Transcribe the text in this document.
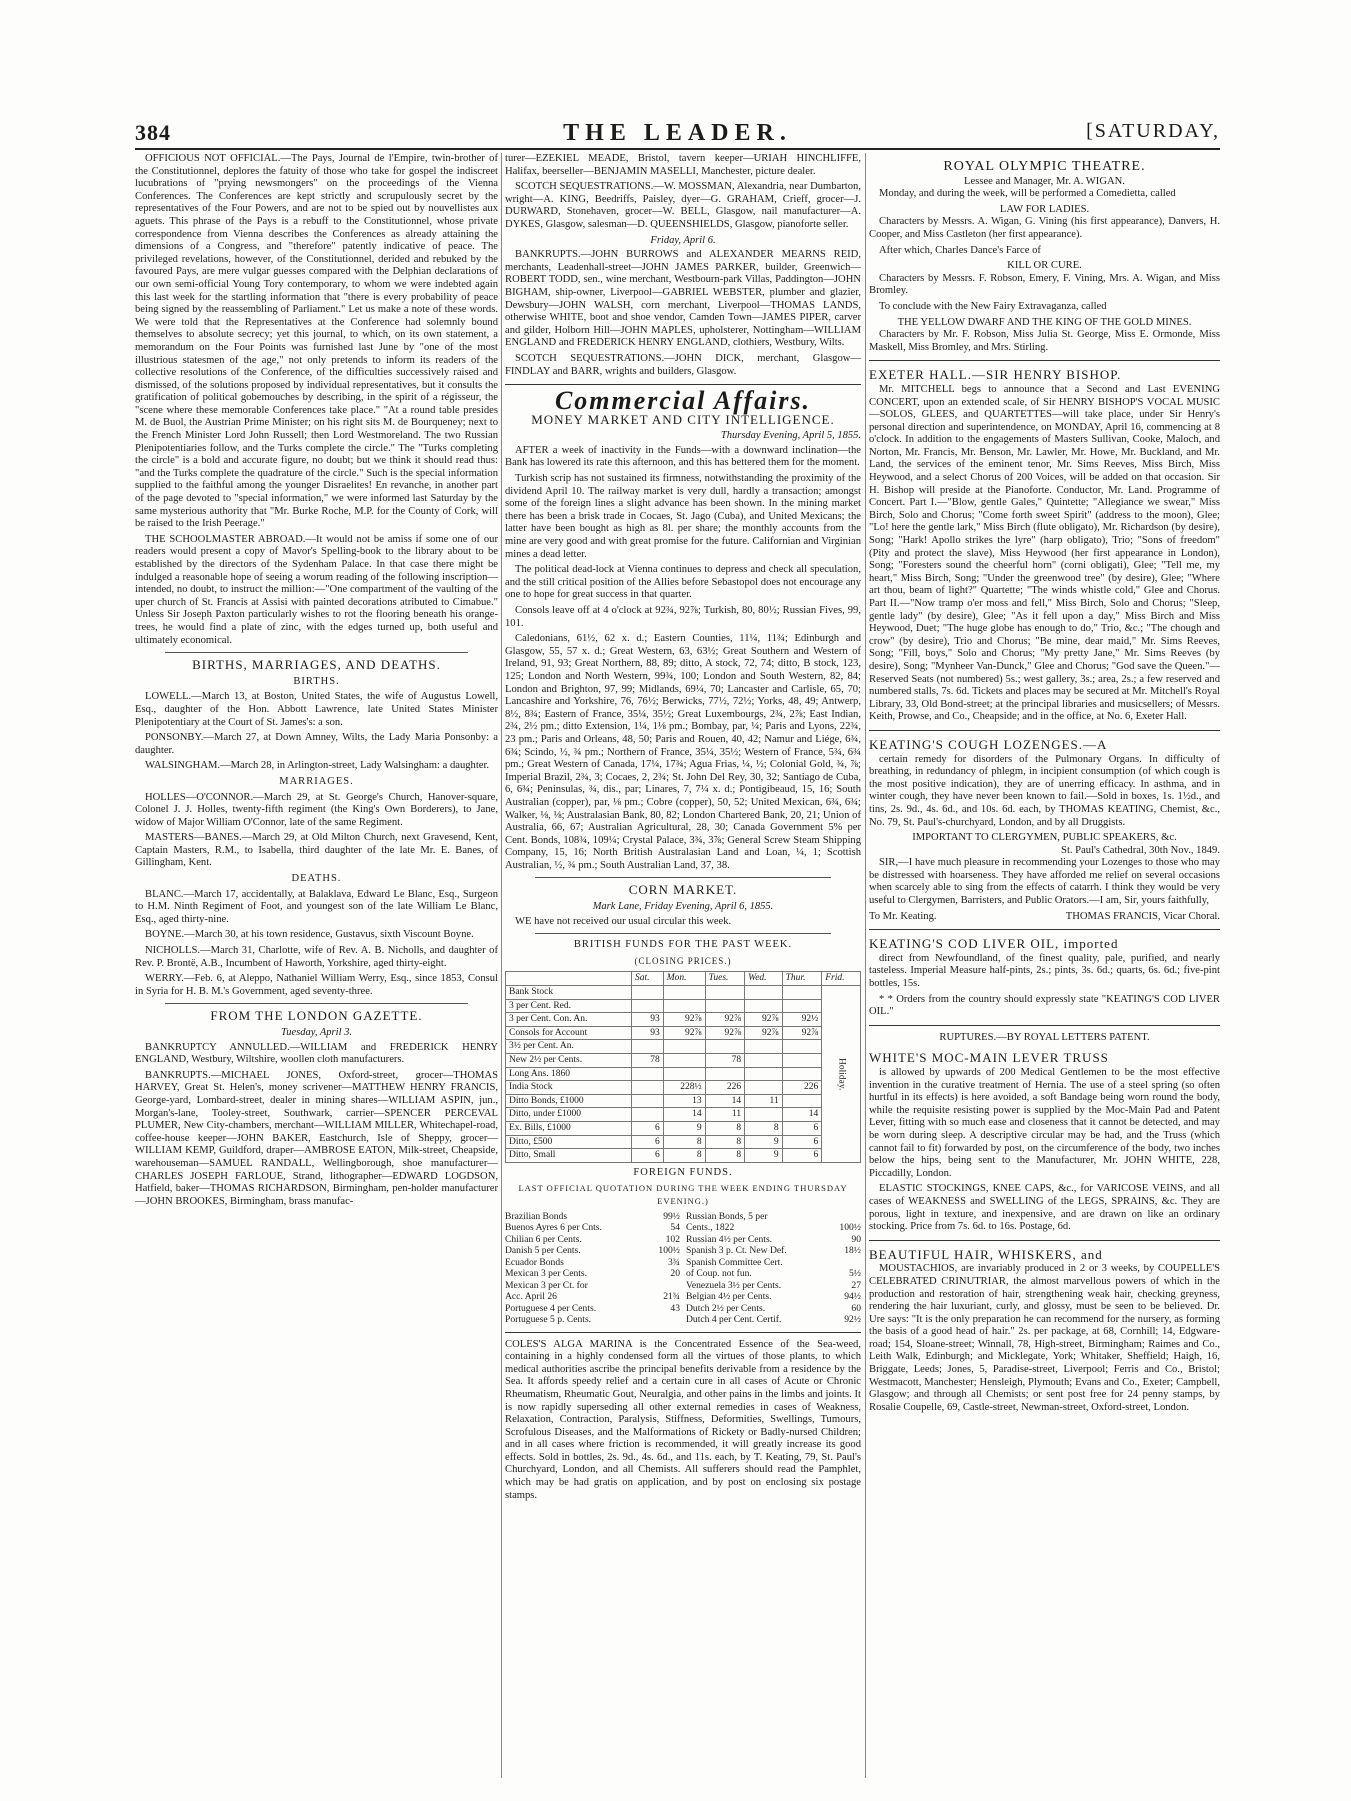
384	THE LEADER.	[SATURDAY,

OFFICIOUS NOT OFFICIAL.—The Pays, Journal de l'Empire, twin-brother of the Constitutionnel, deplores the fatuity of those who take for gospel the indiscreet lucubrations of "prying newsmongers" on the proceedings of the Vienna Conferences. The Conferences are kept strictly and scrupulously secret by the representatives of the Four Powers, and are not to be spied out by nouvellistes aux aguets. This phrase of the Pays is a rebuff to the Constitutionnel, whose private correspondence from Vienna describes the Conferences as already attaining the dimensions of a Congress, and "therefore" patently indicative of peace. The privileged revelations, however, of the Constitutionnel, derided and rebuked by the favoured Pays, are mere vulgar guesses compared with the Delphian declarations of our own semi-official Young Tory contemporary, to whom we were indebted again this last week for the startling information that "there is every probability of peace being signed by the reassembling of Parliament." Let us make a note of these words. We were told that the Representatives at the Conference had solemnly bound themselves to absolute secrecy; yet this journal, to which, on its own statement, a memorandum on the Four Points was furnished last June by "one of the most illustrious statesmen of the age," not only pretends to inform its readers of the collective resolutions of the Conference, of the difficulties successively raised and dismissed, of the solutions proposed by individual representatives, but it consults the gratification of political gobemouches by describing, in the spirit of a régisseur, the "scene where these memorable Conferences take place." "At a round table presides M. de Buol, the Austrian Prime Minister; on his right sits M. de Bourqueney; next to the French Minister Lord John Russell; then Lord Westmoreland. The two Russian Plenipotentiaries follow, and the Turks complete the circle." The "Turks completing the circle" is a bold and accurate figure, no doubt; but we think it should read thus: "and the Turks complete the quadrature of the circle." Such is the special information supplied to the faithful among the younger Disraelites! En revanche, in another part of the page devoted to "special information," we were informed last Saturday by the same mysterious authority that "Mr. Burke Roche, M.P. for the County of Cork, will be raised to the Irish Peerage."

THE SCHOOLMASTER ABROAD.—It would not be amiss if some one of our readers would present a copy of Mavor's Spelling-book to the library about to be established by the directors of the Sydenham Palace. In that case there might be indulged a reasonable hope of seeing a worum reading of the following inscription—intended, no doubt, to instruct the million:—"One compartment of the vaulting of the uper church of St. Francis at Assisi with painted decorations atributed to Cimabue." Unless Sir Joseph Paxton particularly wishes to rot the flooring beneath his orange-trees, he would find a plate of zinc, with the edges turned up, both useful and ultimately economical.

BIRTHS, MARRIAGES, AND DEATHS.
BIRTHS.

LOWELL.—March 13, at Boston, United States, the wife of Augustus Lowell, Esq., daughter of the Hon. Abbott Lawrence, late United States Minister Plenipotentiary at the Court of St. James's: a son.

PONSONBY.—March 27, at Down Amney, Wilts, the Lady Maria Ponsonby: a daughter.

WALSINGHAM.—March 28, in Arlington-street, Lady Walsingham: a daughter.

MARRIAGES.

HOLLES—O'CONNOR.—March 29, at St. George's Church, Hanover-square, Colonel J. J. Holles, twenty-fifth regiment (the King's Own Borderers), to Jane, widow of Major William O'Connor, late of the same Regiment.

MASTERS—BANES.—March 29, at Old Milton Church, next Gravesend, Kent, Captain Masters, R.M., to Isabella, third daughter of the late Mr. E. Banes, of Gillingham, Kent.

DEATHS.

BLANC.—March 17, accidentally, at Balaklava, Edward Le Blanc, Esq., Surgeon to H.M. Ninth Regiment of Foot, and youngest son of the late William Le Blanc, Esq., aged thirty-nine.

BOYNE.—March 30, at his town residence, Gustavus, sixth Viscount Boyne.

NICHOLLS.—March 31, Charlotte, wife of Rev. A. B. Nicholls, and daughter of Rev. P. Brontë, A.B., Incumbent of Haworth, Yorkshire, aged thirty-eight.

WERRY.—Feb. 6, at Aleppo, Nathaniel William Werry, Esq., since 1853, Consul in Syria for H. B. M.'s Government, aged seventy-three.

FROM THE LONDON GAZETTE.
Tuesday, April 3.

BANKRUPTCY ANNULLED.—WILLIAM and FREDERICK HENRY ENGLAND, Westbury, Wiltshire, woollen cloth manufacturers.

BANKRUPTS.—MICHAEL JONES, Oxford-street, grocer—THOMAS HARVEY, Great St. Helen's, money scrivener—MATTHEW HENRY FRANCIS, George-yard, Lombard-street, dealer in mining shares—WILLIAM ASPIN, jun., Morgan's-lane, Tooley-street, Southwark, carrier—SPENCER PERCEVAL PLUMER, New City-chambers, merchant—WILLIAM MILLER, Whitechapel-road, coffee-house keeper—JOHN BAKER, Eastchurch, Isle of Sheppy, grocer—WILLIAM KEMP, Guildford, draper—AMBROSE EATON, Milk-street, Cheapside, warehouseman—SAMUEL RANDALL, Wellingborough, shoe manufacturer—CHARLES JOSEPH FARLOUE, Strand, lithographer—EDWARD LOGDSON, Hatfield, baker—THOMAS RICHARDSON, Birmingham, pen-holder manufacturer—JOHN BROOKES, Birmingham, brass manufac-

turer—EZEKIEL MEADE, Bristol, tavern keeper—URIAH HINCHLIFFE, Halifax, beerseller—BENJAMIN MASELLI, Manchester, picture dealer.

SCOTCH SEQUESTRATIONS.—W. MOSSMAN, Alexandria, near Dumbarton, wright—A. KING, Beedriffs, Paisley, dyer—G. GRAHAM, Crieff, grocer—J. DURWARD, Stonehaven, grocer—W. BELL, Glasgow, nail manufacturer—A. DYKES, Glasgow, salesman—D. QUEENSHIELDS, Glasgow, pianoforte seller.

Friday, April 6.

BANKRUPTS.—JOHN BURROWS and ALEXANDER MEARNS REID, merchants, Leadenhall-street—JOHN JAMES PARKER, builder, Greenwich—ROBERT TODD, sen., wine merchant, Westbourn-park Villas, Paddington—JOHN BIGHAM, ship-owner, Liverpool—GABRIEL WEBSTER, plumber and glazier, Dewsbury—JOHN WALSH, corn merchant, Liverpool—THOMAS LANDS, otherwise WHITE, boot and shoe vendor, Camden Town—JAMES PIPER, carver and gilder, Holborn Hill—JOHN MAPLES, upholsterer, Nottingham—WILLIAM ENGLAND and FREDERICK HENRY ENGLAND, clothiers, Westbury, Wilts.

SCOTCH SEQUESTRATIONS.—JOHN DICK, merchant, Glasgow—FINDLAY and BARR, wrights and builders, Glasgow.

Commercial Affairs.
MONEY MARKET AND CITY INTELLIGENCE.
Thursday Evening, April 5, 1855.

AFTER a week of inactivity in the Funds—with a downward inclination—the Bank has lowered its rate this afternoon, and this has bettered them for the moment.

Turkish scrip has not sustained its firmness, notwithstanding the proximity of the dividend April 10. The railway market is very dull, hardly a transaction; amongst some of the foreign lines a slight advance has been shown. In the mining market there has been a brisk trade in Cocaes, St. Jago (Cuba), and United Mexicans; the latter have been bought as high as 8l. per share; the monthly accounts from the mine are very good and with great promise for the future. Californian and Virginian mines a dead letter.

The political dead-lock at Vienna continues to depress and check all speculation, and the still critical position of the Allies before Sebastopol does not encourage any one to hope for great success in that quarter.

Consols leave off at 4 o'clock at 92¾, 92⅞; Turkish, 80, 80½; Russian Fives, 99, 101.

Caledonians, 61½, 62 x. d.; Eastern Counties, 11¼, 11¾; Edinburgh and Glasgow, 55, 57 x. d.; Great Western, 63, 63½; Great Southern and Western of Ireland, 91, 93; Great Northern, 88, 89; ditto, A stock, 72, 74; ditto, B stock, 123, 125; London and North Western, 99¾, 100; London and South Western, 82, 84; London and Brighton, 97, 99; Midlands, 69¼, 70; Lancaster and Carlisle, 65, 70; Lancashire and Yorkshire, 76, 76½; Berwicks, 77½, 72½; Yorks, 48, 49; Antwerp, 8½, 8¾; Eastern of France, 35¼, 35½; Great Luxembourgs, 2¾, 2⅞; East Indian, 2¾, 2½ pm.; ditto Extension, 1¼, 1⅛ pm.; Bombay, par, ¼; Paris and Lyons, 22¾, 23 pm.; Paris and Orleans, 48, 50; Paris and Rouen, 40, 42; Namur and Liége, 6¾, 6¾; Scindo, ½, ¾ pm.; Northern of France, 35¼, 35½; Western of France, 5¾, 6¾ pm.; Great Western of Canada, 17¼, 17¾; Agua Frias, ¼, ½; Colonial Gold, ¾, ⅞; Imperial Brazil, 2¾, 3; Cocaes, 2, 2¾; St. John Del Rey, 30, 32; Santiago de Cuba, 6, 6¾; Peninsulas, ¾, dis., par; Linares, 7, 7¼ x. d.; Pontigibeaud, 15, 16; South Australian (copper), par, ⅛ pm.; Cobre (copper), 50, 52; United Mexican, 6¾, 6¾; Walker, ⅛, ⅛; Australasian Bank, 80, 82; London Chartered Bank, 20, 21; Union of Australia, 66, 67; Australian Agricultural, 28, 30; Canada Government 5% per Cent. Bonds, 108¾, 109¼; Crystal Palace, 3¾, 3⅞; General Screw Steam Shipping Company, 15, 16; North British Australasian Land and Loan, ¼, 1; Scottish Australian, ½, ¾ pm.; South Australian Land, 37, 38.

CORN MARKET.
Mark Lane, Friday Evening, April 6, 1855.

WE have not received our usual circular this week.

BRITISH FUNDS FOR THE PAST WEEK.
(CLOSING PRICES.)
	Sat.	Mon.	Tues.	Wed.	Thur.	Frid.
Bank Stock						Holiday.
3 per Cent. Red.						
3 per Cent. Con. An.	93	92⅞	92⅞	92⅞	92½	
Consols for Account	93	92⅞	92⅞	92⅞	92⅞	
3½ per Cent. An.						
New 2½ per Cents.	78		78			
Long Ans. 1860						
India Stock		228½	226		226	
Ditto Bonds, £1000		13	14	11		
Ditto, under £1000		14	11		14	
Ex. Bills, £1000	6	9	8	8	6	
Ditto, £500	6	8	8	9	6	
Ditto, Small	6	8	8	9	6	
FOREIGN FUNDS.
LAST OFFICIAL QUOTATION DURING THE WEEK ENDING THURSDAY EVENING.)
Brazilian Bonds	99½
Buenos Ayres 6 per Cnts.	54
Chilian 6 per Cents.	102
Danish 5 per Cents.	100½
Ecuador Bonds	3¾
Mexican 3 per Cents.	20
Mexican 3 per Ct. for
Acc. April 26	21¾
Portuguese 4 per Cents.	43
Portuguese 5 p. Cents.
Russian Bonds, 5 per
Cents., 1822	100½
Russian 4½ per Cents.	90
Spanish 3 p. Ct. New Def.	18½
Spanish Committee Cert.
of Coup. not fun.	5½
Venezuela 3½ per Cents.	27
Belgian 4½ per Cents.	94½
Dutch 2½ per Cents.	60
Dutch 4 per Cent. Certif.	92½

COLES'S ALGA MARINA is the Concentrated Essence of the Sea-weed, containing in a highly condensed form all the virtues of those plants, to which medical authorities ascribe the principal benefits derivable from a residence by the Sea. It affords speedy relief and a certain cure in all cases of Acute or Chronic Rheumatism, Rheumatic Gout, Neuralgia, and other pains in the limbs and joints. It is now rapidly superseding all other external remedies in cases of Weakness, Relaxation, Contraction, Paralysis, Stiffness, Deformities, Swellings, Tumours, Scrofulous Diseases, and the Malformations of Rickety or Badly-nursed Children; and in all cases where friction is recommended, it will greatly increase its good effects. Sold in bottles, 2s. 9d., 4s. 6d., and 11s. each, by T. Keating, 79, St. Paul's Churchyard, London, and all Chemists. All sufferers should read the Pamphlet, which may be had gratis on application, and by post on enclosing six postage stamps.

ROYAL OLYMPIC THEATRE.
Lessee and Manager, Mr. A. WIGAN.

Monday, and during the week, will be performed a Comedietta, called

LAW FOR LADIES.

Characters by Messrs. A. Wigan, G. Vining (his first appearance), Danvers, H. Cooper, and Miss Castleton (her first appearance).

After which, Charles Dance's Farce of

KILL OR CURE.

Characters by Messrs. F. Robson, Emery, F. Vining, Mrs. A. Wigan, and Miss Bromley.

To conclude with the New Fairy Extravaganza, called

THE YELLOW DWARF AND THE KING OF THE GOLD MINES.

Characters by Mr. F. Robson, Miss Julia St. George, Miss E. Ormonde, Miss Maskell, Miss Bromley, and Mrs. Stirling.

EXETER HALL.—SIR HENRY BISHOP.

Mr. MITCHELL begs to announce that a Second and Last EVENING CONCERT, upon an extended scale, of Sir HENRY BISHOP'S VOCAL MUSIC—SOLOS, GLEES, and QUARTETTES—will take place, under Sir Henry's personal direction and superintendence, on MONDAY, April 16, commencing at 8 o'clock. In addition to the engagements of Masters Sullivan, Cooke, Maloch, and Norton, Mr. Francis, Mr. Benson, Mr. Lawler, Mr. Howe, Mr. Buckland, and Mr. Land, the services of the eminent tenor, Mr. Sims Reeves, Miss Birch, Miss Heywood, and a select Chorus of 200 Voices, will be added on that occasion. Sir H. Bishop will preside at the Pianoforte. Conductor, Mr. Land. Programme of Concert. Part I.—"Blow, gentle Gales," Quintette; "Allegiance we swear," Miss Birch, Solo and Chorus; "Come forth sweet Spirit" (address to the moon), Glee; "Lo! here the gentle lark," Miss Birch (flute obligato), Mr. Richardson (by desire), Song; "Hark! Apollo strikes the lyre" (harp obligato), Trio; "Sons of freedom" (Pity and protect the slave), Miss Heywood (her first appearance in London), Song; "Foresters sound the cheerful horn" (corni obligati), Glee; "Tell me, my heart," Miss Birch, Song; "Under the greenwood tree" (by desire), Glee; "Where art thou, beam of light?" Quartette; "The winds whistle cold," Glee and Chorus. Part II.—"Now tramp o'er moss and fell," Miss Birch, Solo and Chorus; "Sleep, gentle lady" (by desire), Glee; "As it fell upon a day," Miss Birch and Miss Heywood, Duet; "The huge globe has enough to do," Trio, &c.; "The chough and crow" (by desire), Trio and Chorus; "Be mine, dear maid," Mr. Sims Reeves, Song; "Fill, boys," Solo and Chorus; "My pretty Jane," Mr. Sims Reeves (by desire), Song; "Mynheer Van-Dunck," Glee and Chorus; "God save the Queen."—Reserved Seats (not numbered) 5s.; west gallery, 3s.; area, 2s.; a few reserved and numbered stalls, 7s. 6d. Tickets and places may be secured at Mr. Mitchell's Royal Library, 33, Old Bond-street; at the principal libraries and musicsellers; of Messrs. Keith, Prowse, and Co., Cheapside; and in the office, at No. 6, Exeter Hall.

KEATING'S COUGH LOZENGES.—A

certain remedy for disorders of the Pulmonary Organs. In difficulty of breathing, in redundancy of phlegm, in incipient consumption (of which cough is the most positive indication), they are of unerring efficacy. In asthma, and in winter cough, they have never been known to fail.—Sold in boxes, 1s. 1½d., and tins, 2s. 9d., 4s. 6d., and 10s. 6d. each, by THOMAS KEATING, Chemist, &c., No. 79, St. Paul's-churchyard, London, and by all Druggists.

IMPORTANT TO CLERGYMEN, PUBLIC SPEAKERS, &c.
St. Paul's Cathedral, 30th Nov., 1849.

SIR,—I have much pleasure in recommending your Lozenges to those who may be distressed with hoarseness. They have afforded me relief on several occasions when scarcely able to sing from the effects of catarrh. I think they would be very useful to Clergymen, Barristers, and Public Orators.—I am, Sir, yours faithfully,

To Mr. Keating.	THOMAS FRANCIS, Vicar Choral.
KEATING'S COD LIVER OIL, imported

direct from Newfoundland, of the finest quality, pale, purified, and nearly tasteless. Imperial Measure half-pints, 2s.; pints, 3s. 6d.; quarts, 6s. 6d.; five-pint bottles, 15s.

* * Orders from the country should expressly state "KEATING'S COD LIVER OIL."

RUPTURES.—BY ROYAL LETTERS PATENT.
WHITE'S MOC-MAIN LEVER TRUSS

is allowed by upwards of 200 Medical Gentlemen to be the most effective invention in the curative treatment of Hernia. The use of a steel spring (so often hurtful in its effects) is here avoided, a soft Bandage being worn round the body, while the requisite resisting power is supplied by the Moc-Main Pad and Patent Lever, fitting with so much ease and closeness that it cannot be detected, and may be worn during sleep. A descriptive circular may be had, and the Truss (which cannot fail to fit) forwarded by post, on the circumference of the body, two inches below the hips, being sent to the Manufacturer, Mr. JOHN WHITE, 228, Piccadilly, London.

ELASTIC STOCKINGS, KNEE CAPS, &c., for VARICOSE VEINS, and all cases of WEAKNESS and SWELLING of the LEGS, SPRAINS, &c. They are porous, light in texture, and inexpensive, and are drawn on like an ordinary stocking. Price from 7s. 6d. to 16s. Postage, 6d.

BEAUTIFUL HAIR, WHISKERS, and

MOUSTACHIOS, are invariably produced in 2 or 3 weeks, by COUPELLE'S CELEBRATED CRINUTRIAR, the almost marvellous powers of which in the production and restoration of hair, strengthening weak hair, checking greyness, rendering the hair luxuriant, curly, and glossy, must be seen to be believed. Dr. Ure says: "It is the only preparation he can recommend for the nursery, as forming the basis of a good head of hair." 2s. per package, at 68, Cornhill; 14, Edgware-road; 154, Sloane-street; Winnall, 78, High-street, Birmingham; Raimes and Co., Leith Walk, Edinburgh; and Micklegate, York; Whitaker, Sheffield; Haigh, 16, Briggate, Leeds; Jones, 5, Paradise-street, Liverpool; Ferris and Co., Bristol; Westmacott, Manchester; Hensleigh, Plymouth; Evans and Co., Exeter; Campbell, Glasgow; and through all Chemists; or sent post free for 24 penny stamps, by Rosalie Coupelle, 69, Castle-street, Newman-street, Oxford-street, London.
